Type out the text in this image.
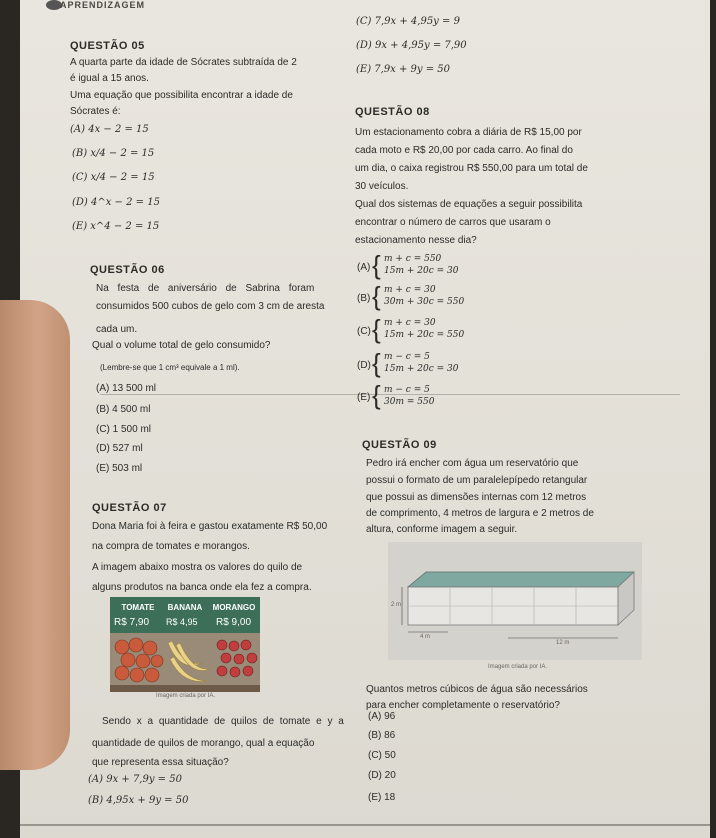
APRENDIZAGEM
QUESTÃO 05
A quarta parte da idade de Sócrates subtraída de 2
é igual a 15 anos.
Uma equação que possibilita encontrar a idade de
Sócrates é:
(A) 4x − 2 = 15
(B) x/4 − 2 = 15
(C) x/4 − 2 = 15
(D) 4^x − 2 = 15
(E) x^4 − 2 = 15
(C) 7,9x + 4,95y = 9
(D) 9x + 4,95y = 7,90
(E) 7,9x + 9y = 50
QUESTÃO 08
Um estacionamento cobra a diária de R$ 15,00 por
cada moto e R$ 20,00 por cada carro. Ao final do
um dia, o caixa registrou R$ 550,00 para um total de
30 veículos.
Qual dos sistemas de equações a seguir possibilita
encontrar o número de carros que usaram o
estacionamento nesse dia?
(A) { m + c = 550
15m + 20c = 30
(B) { m + c = 30
30m + 30c = 550
(C) { m + c = 30
15m + 20c = 550
(D) { m − c = 5
15m + 20c = 30
(E) { m − c = 5
30m = 550
QUESTÃO 06
Na festa de aniversário de Sabrina foram
consumidos 500 cubos de gelo com 3 cm de aresta
cada um.
Qual o volume total de gelo consumido?
(Lembre-se que 1 cm³ equivale a 1 ml).
(A) 13 500 ml
(B) 4 500 ml
(C) 1 500 ml
(D) 527 ml
(E) 503 ml
QUESTÃO 09
Pedro irá encher com água um reservatório que
possui o formato de um paralelepípedo retangular
que possui as dimensões internas com 12 metros
de comprimento, 4 metros de largura e 2 metros de
altura, conforme imagem a seguir.
QUESTÃO 07
Dona Maria foi à feira e gastou exatamente R$ 50,00
na compra de tomates e morangos.
A imagem abaixo mostra os valores do quilo de
alguns produtos na banca onde ela fez a compra.
TOMATE	BANANA	MORANGO
R$ 7,90 R$ 4,95 R$ 9,00
Imagem criada por IA.
Sendo x a quantidade de quilos de tomate e y a
quantidade de quilos de morango, qual a equação
que representa essa situação?
(A) 9x + 7,9y = 50
(B) 4,95x + 9y = 50
2 m
4 m
12 m
Imagem criada por IA.
Quantos metros cúbicos de água são necessários
para encher completamente o reservatório?
(A) 96
(B) 86
(C) 50
(D) 20
(E) 18
